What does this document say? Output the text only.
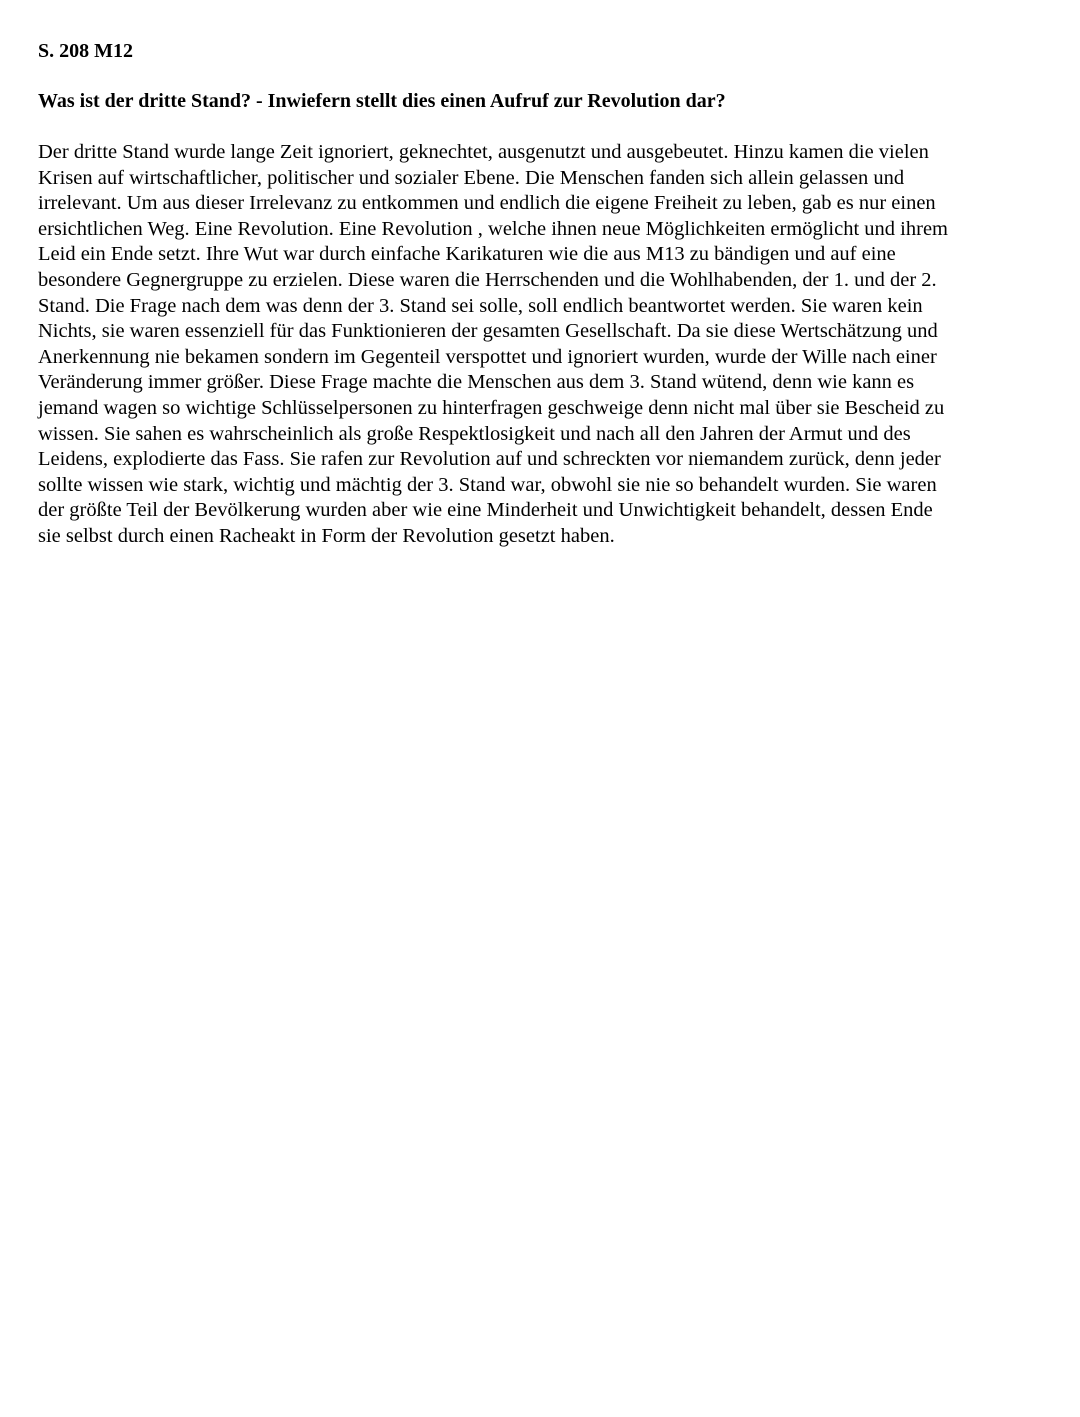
S. 208 M12

Was ist der dritte Stand? - Inwiefern stellt dies einen Aufruf zur Revolution dar?

Der dritte Stand wurde lange Zeit ignoriert, geknechtet, ausgenutzt und ausgebeutet. Hinzu kamen die vielen
Krisen auf wirtschaftlicher, politischer und sozialer Ebene. Die Menschen fanden sich allein gelassen und
irrelevant. Um aus dieser Irrelevanz zu entkommen und endlich die eigene Freiheit zu leben, gab es nur einen
ersichtlichen Weg. Eine Revolution. Eine Revolution , welche ihnen neue Möglichkeiten ermöglicht und ihrem
Leid ein Ende setzt. Ihre Wut war durch einfache Karikaturen wie die aus M13 zu bändigen und auf eine
besondere Gegnergruppe zu erzielen. Diese waren die Herrschenden und die Wohlhabenden, der 1. und der 2.
Stand. Die Frage nach dem was denn der 3. Stand sei solle, soll endlich beantwortet werden. Sie waren kein
Nichts, sie waren essenziell für das Funktionieren der gesamten Gesellschaft. Da sie diese Wertschätzung und
Anerkennung nie bekamen sondern im Gegenteil verspottet und ignoriert wurden, wurde der Wille nach einer
Veränderung immer größer. Diese Frage machte die Menschen aus dem 3. Stand wütend, denn wie kann es
jemand wagen so wichtige Schlüsselpersonen zu hinterfragen geschweige denn nicht mal über sie Bescheid zu
wissen. Sie sahen es wahrscheinlich als große Respektlosigkeit und nach all den Jahren der Armut und des
Leidens, explodierte das Fass. Sie rafen zur Revolution auf und schreckten vor niemandem zurück, denn jeder
sollte wissen wie stark, wichtig und mächtig der 3. Stand war, obwohl sie nie so behandelt wurden. Sie waren
der größte Teil der Bevölkerung wurden aber wie eine Minderheit und Unwichtigkeit behandelt, dessen Ende
sie selbst durch einen Racheakt in Form der Revolution gesetzt haben.
